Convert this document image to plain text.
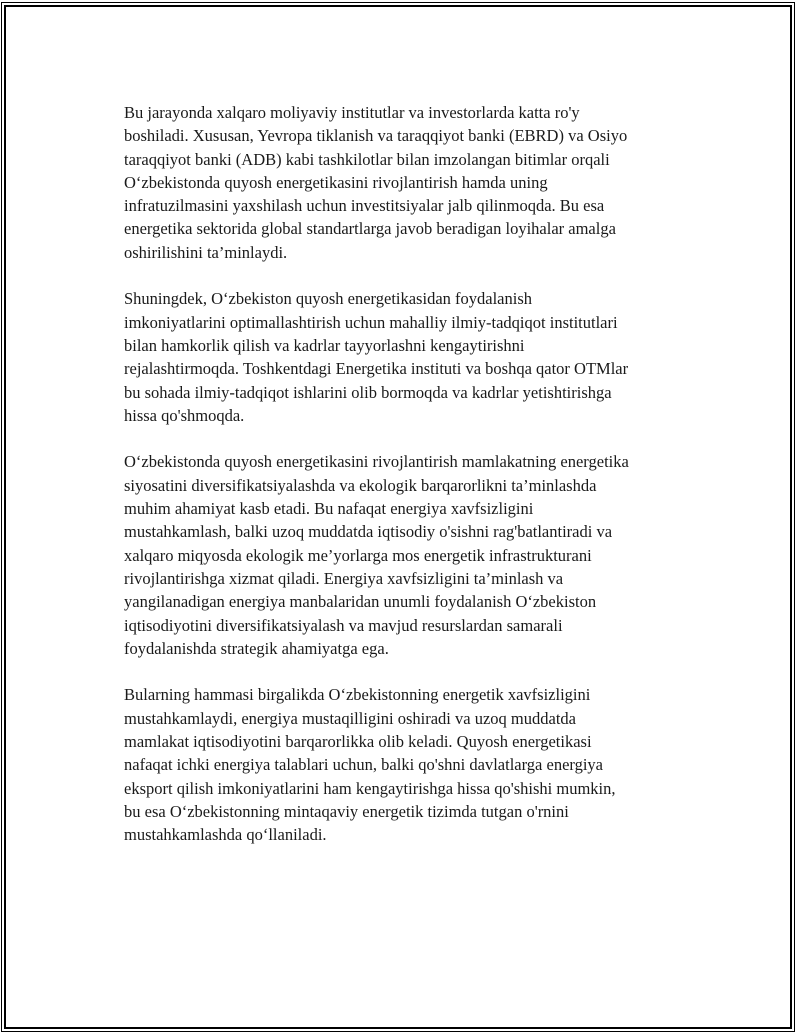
Bu jarayonda xalqaro moliyaviy institutlar va investorlarda katta ro'y
boshiladi. Xususan, Yevropa tiklanish va taraqqiyot banki (EBRD) va Osiyo
taraqqiyot banki (ADB) kabi tashkilotlar bilan imzolangan bitimlar orqali
O‘zbekistonda quyosh energetikasini rivojlantirish hamda uning
infratuzilmasini yaxshilash uchun investitsiyalar jalb qilinmoqda. Bu esa
energetika sektorida global standartlarga javob beradigan loyihalar amalga
oshirilishini ta’minlaydi.

Shuningdek, O‘zbekiston quyosh energetikasidan foydalanish
imkoniyatlarini optimallashtirish uchun mahalliy ilmiy-tadqiqot institutlari
bilan hamkorlik qilish va kadrlar tayyorlashni kengaytirishni
rejalashtirmoqda. Toshkentdagi Energetika instituti va boshqa qator OTMlar
bu sohada ilmiy-tadqiqot ishlarini olib bormoqda va kadrlar yetishtirishga
hissa qo'shmoqda.

O‘zbekistonda quyosh energetikasini rivojlantirish mamlakatning energetika
siyosatini diversifikatsiyalashda va ekologik barqarorlikni ta’minlashda
muhim ahamiyat kasb etadi. Bu nafaqat energiya xavfsizligini
mustahkamlash, balki uzoq muddatda iqtisodiy o'sishni rag'batlantiradi va
xalqaro miqyosda ekologik me’yorlarga mos energetik infrastrukturani
rivojlantirishga xizmat qiladi. Energiya xavfsizligini ta’minlash va
yangilanadigan energiya manbalaridan unumli foydalanish O‘zbekiston
iqtisodiyotini diversifikatsiyalash va mavjud resurslardan samarali
foydalanishda strategik ahamiyatga ega.

Bularning hammasi birgalikda O‘zbekistonning energetik xavfsizligini
mustahkamlaydi, energiya mustaqilligini oshiradi va uzoq muddatda
mamlakat iqtisodiyotini barqarorlikka olib keladi. Quyosh energetikasi
nafaqat ichki energiya talablari uchun, balki qo'shni davlatlarga energiya
eksport qilish imkoniyatlarini ham kengaytirishga hissa qo'shishi mumkin,
bu esa O‘zbekistonning mintaqaviy energetik tizimda tutgan o'rnini
mustahkamlashda qo‘llaniladi.
